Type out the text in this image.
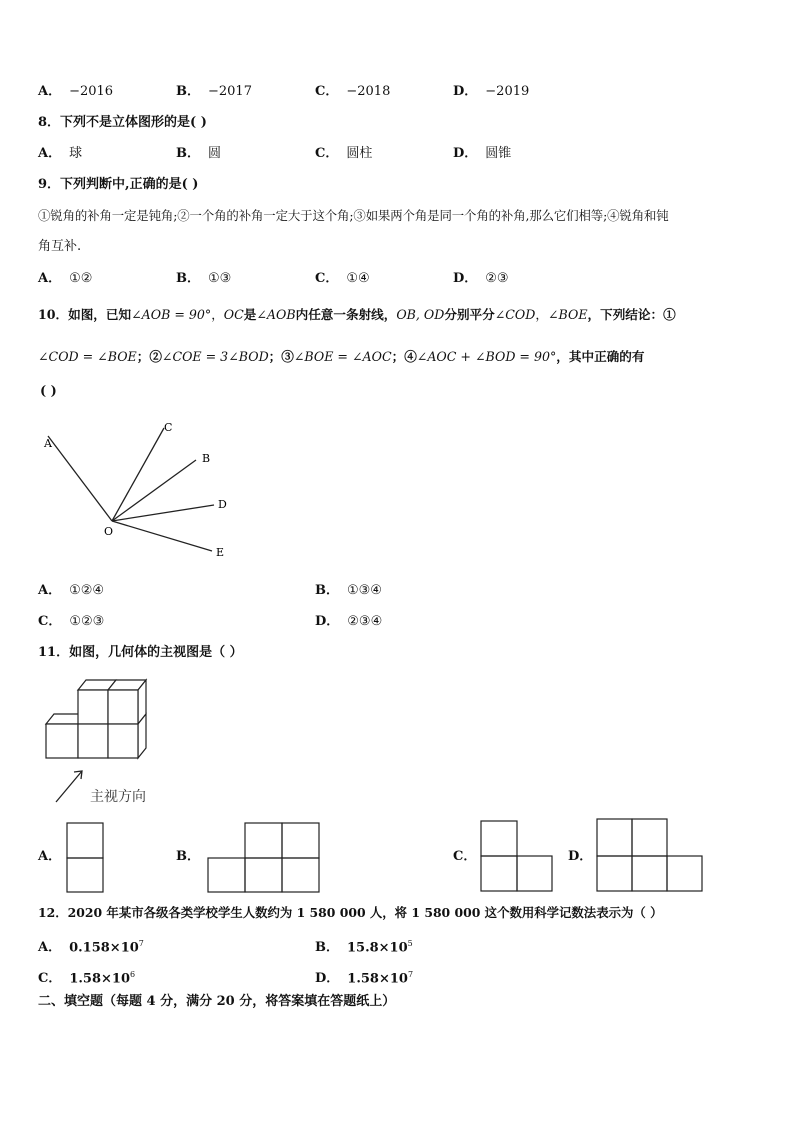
A． −2016	B． −2017	C． −2018	D． −2019
8．下列不是立体图形的是( )
A． 球	B． 圆	C． 圆柱	D． 圆锥
9．下列判断中,正确的是( )
①锐角的补角一定是钝角;②一个角的补角一定大于这个角;③如果两个角是同一个角的补角,那么它们相等;④锐角和钝
角互补.
A． ①②	B． ①③	C． ①④	D． ②③
10．如图，已知∠AOB = 90°，OC是∠AOB内任意一条射线，OB, OD分别平分∠COD，∠BOE，下列结论：①
∠COD = ∠BOE；②∠COE = 3∠BOD；③∠BOE = ∠AOC；④∠AOC + ∠BOD = 90°，其中正确的有
( )
A
C
B
D
E
O
A． ①②④	B． ①③④
C． ①②③	D． ②③④
11．如图，几何体的主视图是（ ）
主视方向
A．	B．	C．	D．
12．2020 年某市各级各类学校学生人数约为 1 580 000 人，将 1 580 000 这个数用科学记数法表示为（ ）
A． $0.158\times 10^7$	B． $15.8\times 10^5$
C． $1.58\times 10^6$	D． $1.58\times 10^7$
二、填空题（每题 4 分，满分 20 分，将答案填在答题纸上）
